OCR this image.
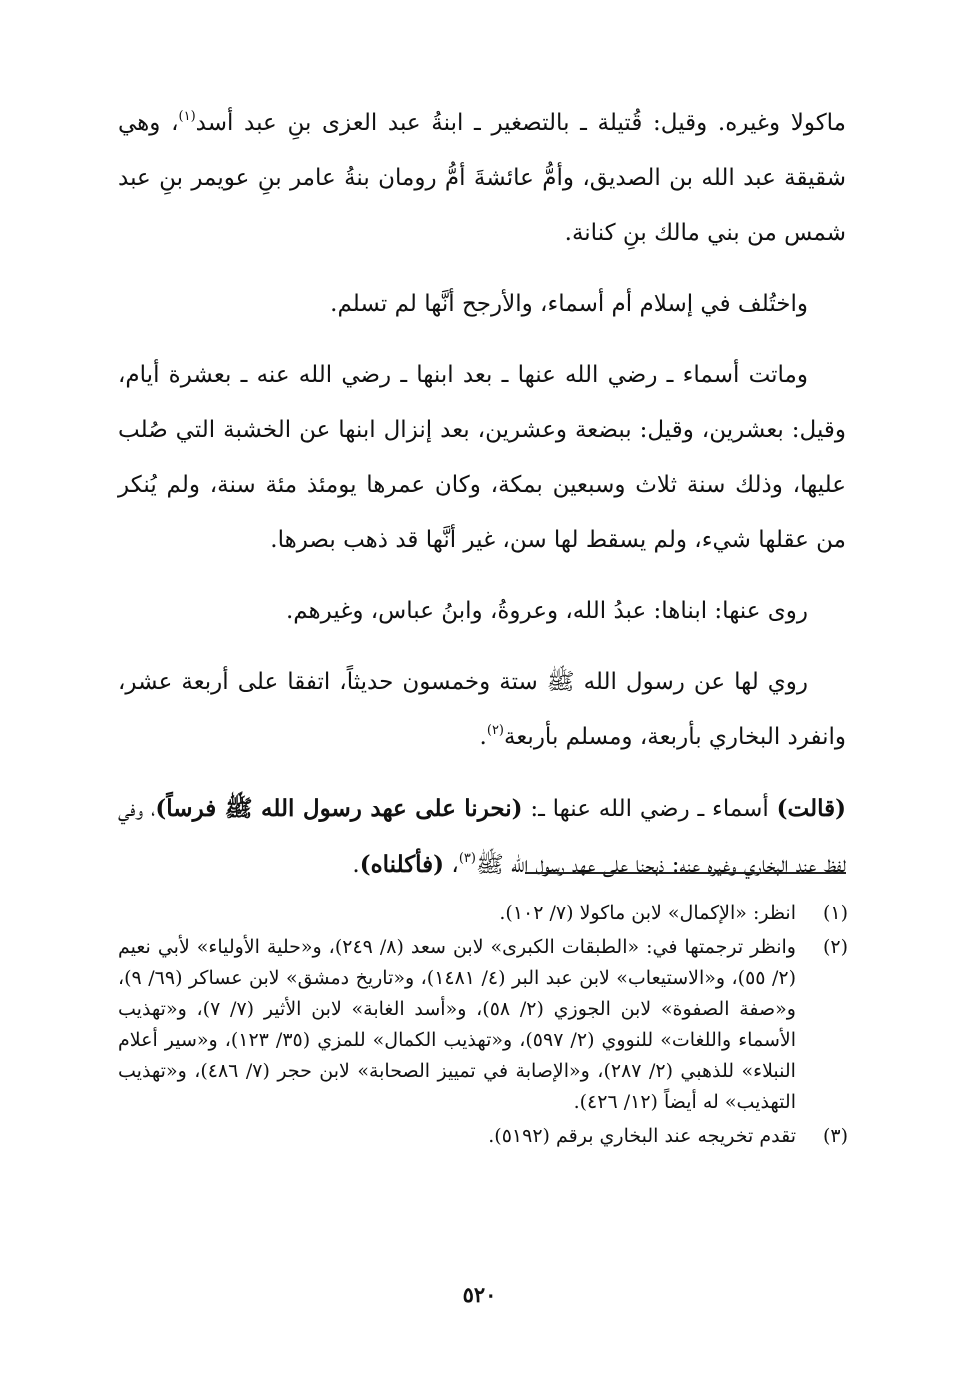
ماكولا وغيره. وقيل: قُتيلة ـ بالتصغير ـ ابنةُ عبد العزى بنِ عبد أسد$^{(١)}$، وهي شقيقة عبد الله بن الصديق، وأمُّ عائشةَ أمُّ رومان بنةُ عامر بنِ عويمر بنِ عبد شمس من بني مالك بنِ كنانة.

واختُلف في إسلام أم أسماء، والأرجح أنَّها لم تسلم.

وماتت أسماء ـ رضي الله عنها ـ بعد ابنها ـ رضي الله عنه ـ بعشرة أيام، وقيل: بعشرين، وقيل: ببضعة وعشرين، بعد إنزال ابنها عن الخشبة التي صُلب عليها، وذلك سنة ثلاث وسبعين بمكة، وكان عمرها يومئذ مئة سنة، ولم يُنكر من عقلها شيء، ولم يسقط لها سن، غير أنَّها قد ذهب بصرها.

روى عنها: ابناها: عبدُ الله، وعروةُ، وابنُ عباس، وغيرهم.

روي لها عن رسول الله ﷺ ستة وخمسون حديثاً، اتفقا على أربعة عشر، وانفرد البخاري بأربعة، ومسلم بأربعة$^{(٢)}$.

(قالت) أسماء ـ رضي الله عنها ـ: (نحرنا على عهد رسول الله ﷺ فرساً)، وفي لفظ عند البخاري وغيره عنه: ذبحنا على عهد رسول الله ﷺ$^{(٣)}$، (فأكلناه).

(١)
انظر: «الإكمال» لابن ماكولا (٧/ ١٠٢).
(٢)
وانظر ترجمتها في: «الطبقات الكبرى» لابن سعد (٨/ ٢٤٩)، و«حلية الأولياء» لأبي نعيم (٢/ ٥٥)، و«الاستيعاب» لابن عبد البر (٤/ ١٤٨١)، و«تاريخ دمشق» لابن عساكر (٦٩/ ٩)، و«صفة الصفوة» لابن الجوزي (٢/ ٥٨)، و«أسد الغابة» لابن الأثير (٧/ ٧)، و«تهذيب الأسماء واللغات» للنووي (٢/ ٥٩٧)، و«تهذيب الكمال» للمزي (٣٥/ ١٢٣)، و«سير أعلام النبلاء» للذهبي (٢/ ٢٨٧)، و«الإصابة في تمييز الصحابة» لابن حجر (٧/ ٤٨٦)، و«تهذيب التهذيب» له أيضاً (١٢/ ٤٢٦).
(٣)
تقدم تخريجه عند البخاري برقم (٥١٩٢).
٥٢٠
